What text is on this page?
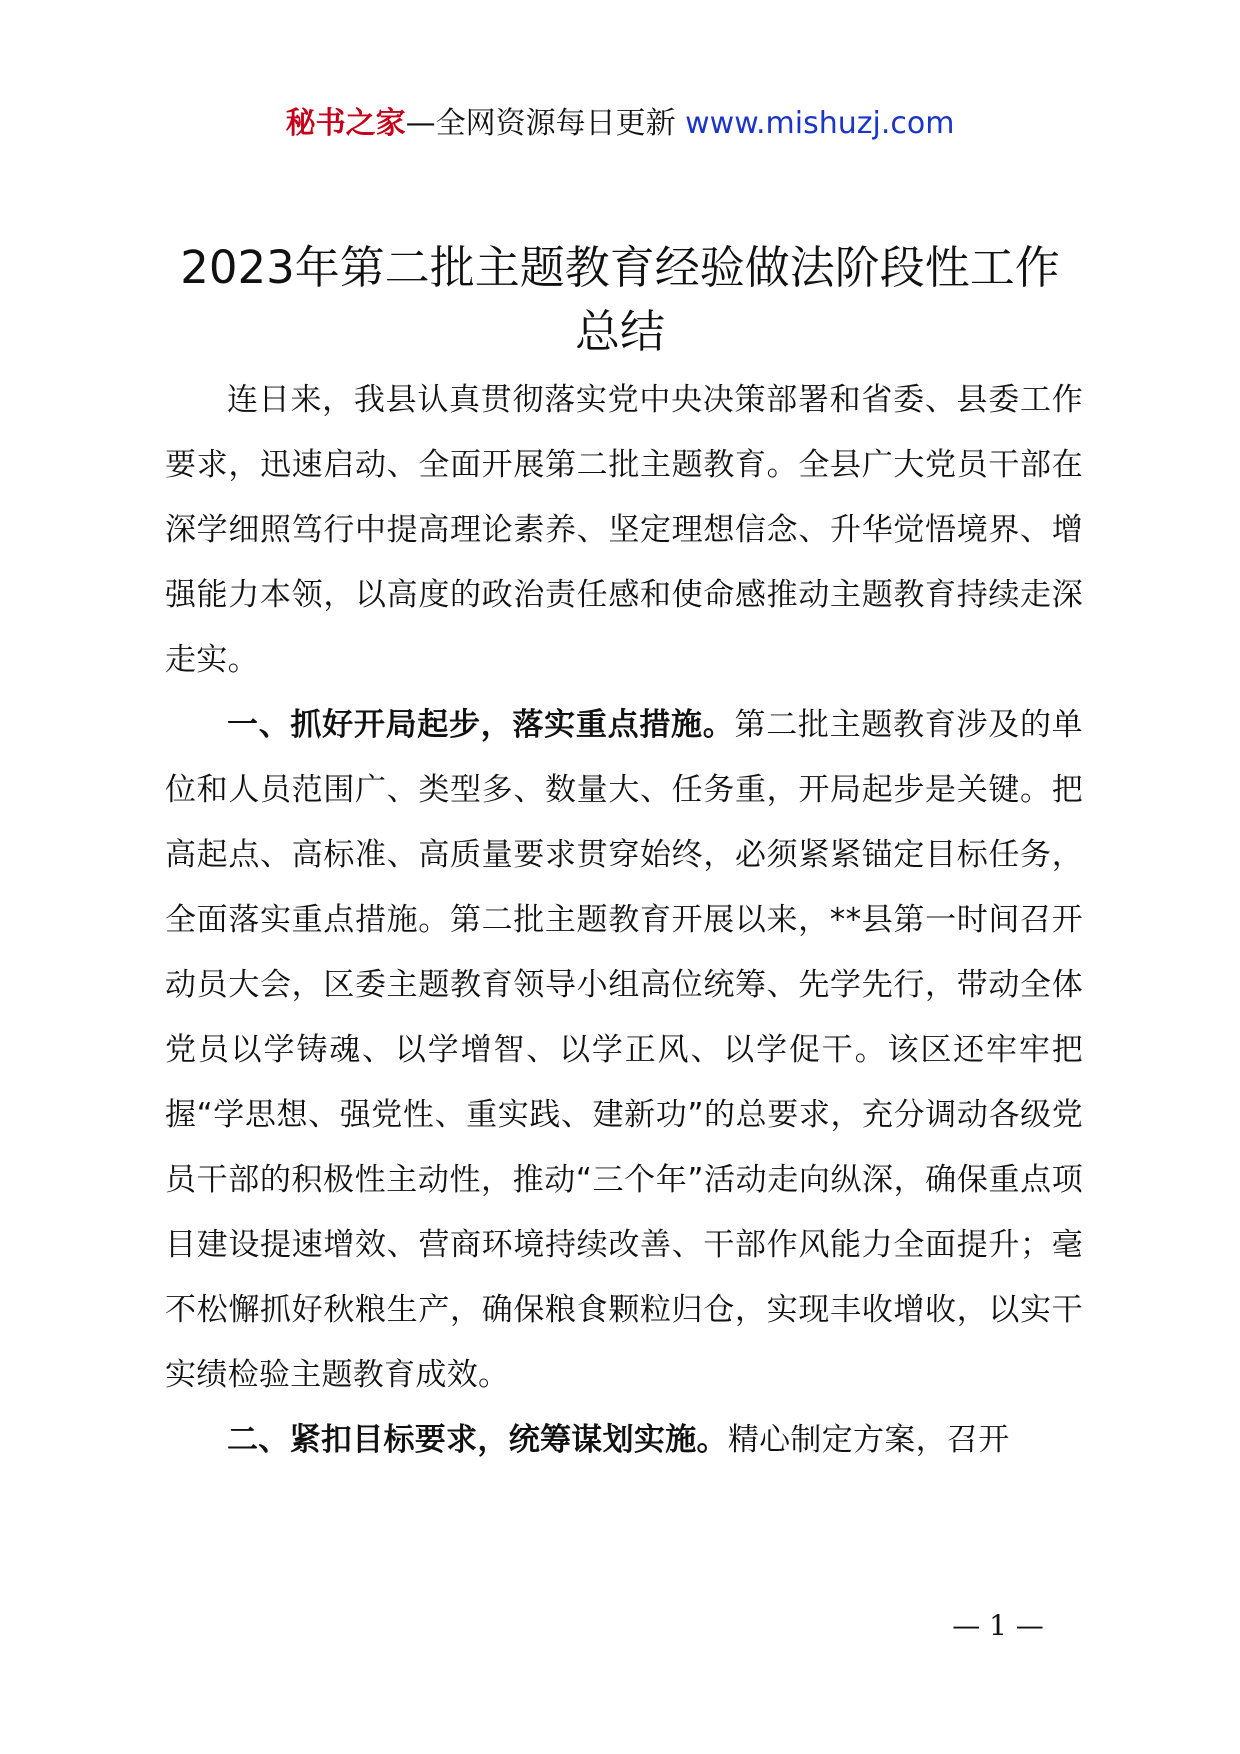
秘书之家—全网资源每日更新 www.mishuzj.com
2023年第二批主题教育经验做法阶段性工作总结

连日来，我县认真贯彻落实党中央决策部署和省委、县委工作要求，迅速启动、全面开展第二批主题教育。全县广大党员干部在深学细照笃行中提高理论素养、坚定理想信念、升华觉悟境界、增强能力本领，以高度的政治责任感和使命感推动主题教育持续走深走实。

一、抓好开局起步，落实重点措施。第二批主题教育涉及的单位和人员范围广、类型多、数量大、任务重，开局起步是关键。把高起点、高标准、高质量要求贯穿始终，必须紧紧锚定目标任务，全面落实重点措施。第二批主题教育开展以来，**县第一时间召开动员大会，区委主题教育领导小组高位统筹、先学先行，带动全体党员以学铸魂、以学增智、以学正风、以学促干。该区还牢牢把握“学思想、强党性、重实践、建新功”的总要求，充分调动各级党员干部的积极性主动性，推动“三个年”活动走向纵深，确保重点项目建设提速增效、营商环境持续改善、干部作风能力全面提升；毫不松懈抓好秋粮生产，确保粮食颗粒归仓，实现丰收增收，以实干实绩检验主题教育成效。

二、紧扣目标要求，统筹谋划实施。精心制定方案，召开

— 1 —
